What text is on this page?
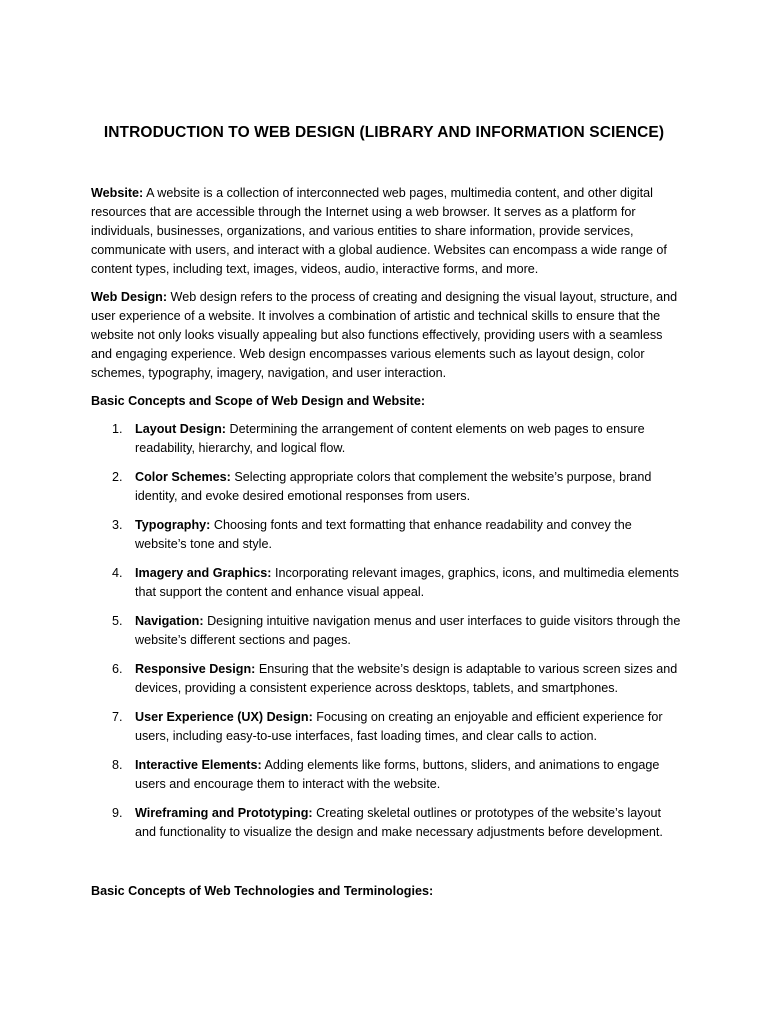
INTRODUCTION TO WEB DESIGN (LIBRARY AND INFORMATION SCIENCE)

Website: A website is a collection of interconnected web pages, multimedia content, and other digital resources that are accessible through the Internet using a web browser. It serves as a platform for individuals, businesses, organizations, and various entities to share information, provide services, communicate with users, and interact with a global audience. Websites can encompass a wide range of content types, including text, images, videos, audio, interactive forms, and more.

Web Design: Web design refers to the process of creating and designing the visual layout, structure, and user experience of a website. It involves a combination of artistic and technical skills to ensure that the website not only looks visually appealing but also functions effectively, providing users with a seamless and engaging experience. Web design encompasses various elements such as layout design, color schemes, typography, imagery, navigation, and user interaction.

Basic Concepts and Scope of Web Design and Website:

1. Layout Design: Determining the arrangement of content elements on web pages to ensure readability, hierarchy, and logical flow.
2. Color Schemes: Selecting appropriate colors that complement the website’s purpose, brand identity, and evoke desired emotional responses from users.
3. Typography: Choosing fonts and text formatting that enhance readability and convey the website’s tone and style.
4. Imagery and Graphics: Incorporating relevant images, graphics, icons, and multimedia elements that support the content and enhance visual appeal.
5. Navigation: Designing intuitive navigation menus and user interfaces to guide visitors through the website’s different sections and pages.
6. Responsive Design: Ensuring that the website’s design is adaptable to various screen sizes and devices, providing a consistent experience across desktops, tablets, and smartphones.
7. User Experience (UX) Design: Focusing on creating an enjoyable and efficient experience for users, including easy-to-use interfaces, fast loading times, and clear calls to action.
8. Interactive Elements: Adding elements like forms, buttons, sliders, and animations to engage users and encourage them to interact with the website.
9. Wireframing and Prototyping: Creating skeletal outlines or prototypes of the website’s layout and functionality to visualize the design and make necessary adjustments before development.

Basic Concepts of Web Technologies and Terminologies:
